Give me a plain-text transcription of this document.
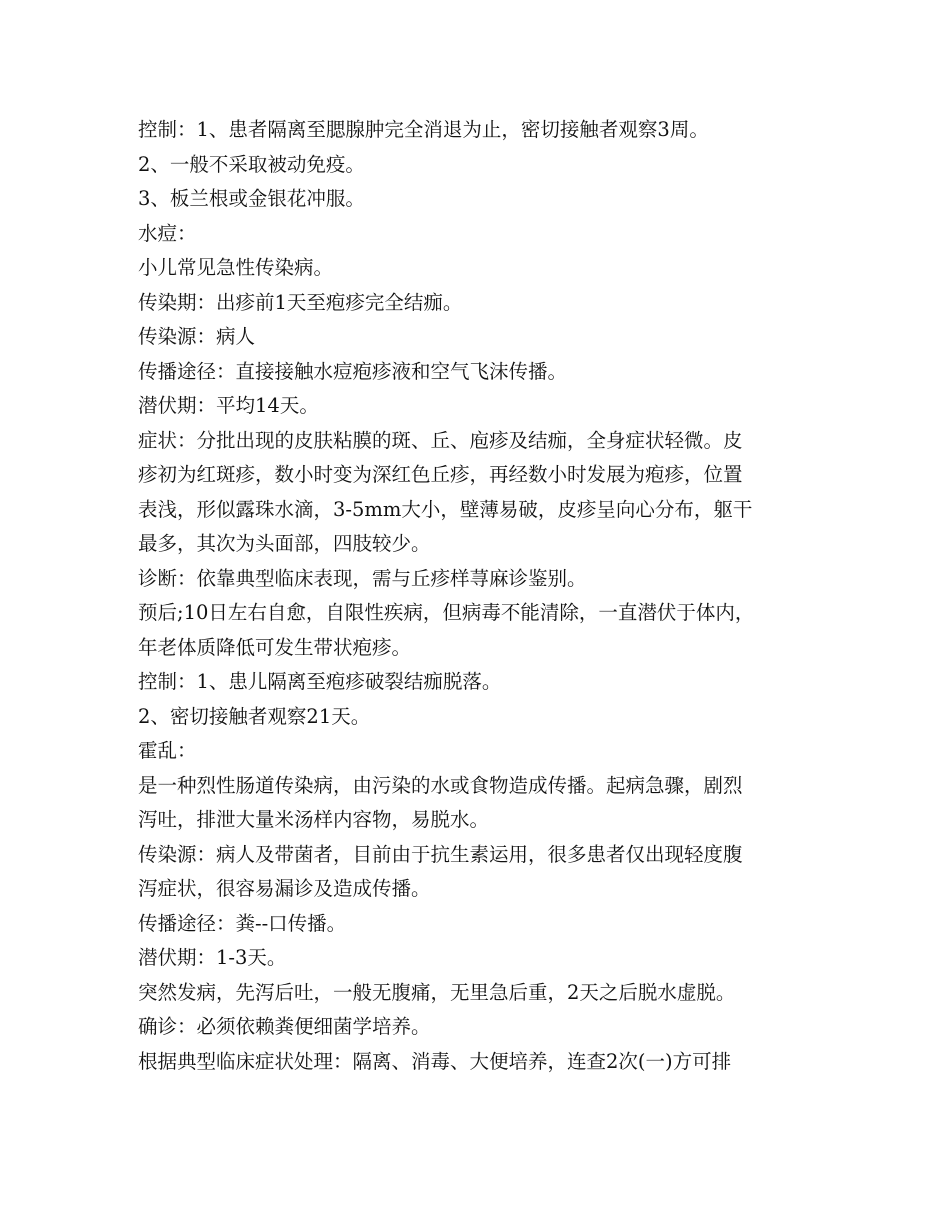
控制：1、患者隔离至腮腺肿完全消退为止，密切接触者观察3周。
2、一般不采取被动免疫。
3、板兰根或金银花冲服。
水痘：
小儿常见急性传染病。
传染期：出疹前1天至疱疹完全结痂。
传染源：病人
传播途径：直接接触水痘疱疹液和空气飞沫传播。
潜伏期：平均14天。
症状：分批出现的皮肤粘膜的斑、丘、庖疹及结痂，全身症状轻微。皮
疹初为红斑疹，数小时变为深红色丘疹，再经数小时发展为疱疹，位置
表浅，形似露珠水滴，3-5mm大小，壁薄易破，皮疹呈向心分布，躯干
最多，其次为头面部，四肢较少。
诊断：依靠典型临床表现，需与丘疹样荨麻诊鉴别。
预后;10日左右自愈，自限性疾病，但病毒不能清除，一直潜伏于体内，
年老体质降低可发生带状疱疹。
控制：1、患儿隔离至疱疹破裂结痂脱落。
2、密切接触者观察21天。
霍乱：
是一种烈性肠道传染病，由污染的水或食物造成传播。起病急骤，剧烈
泻吐，排泄大量米汤样内容物，易脱水。
传染源：病人及带菌者，目前由于抗生素运用，很多患者仅出现轻度腹
泻症状，很容易漏诊及造成传播。
传播途径：粪--口传播。
潜伏期：1-3天。
突然发病，先泻后吐，一般无腹痛，无里急后重，2天之后脱水虚脱。
确诊：必须依赖粪便细菌学培养。
根据典型临床症状处理：隔离、消毒、大便培养，连查2次(一)方可排
